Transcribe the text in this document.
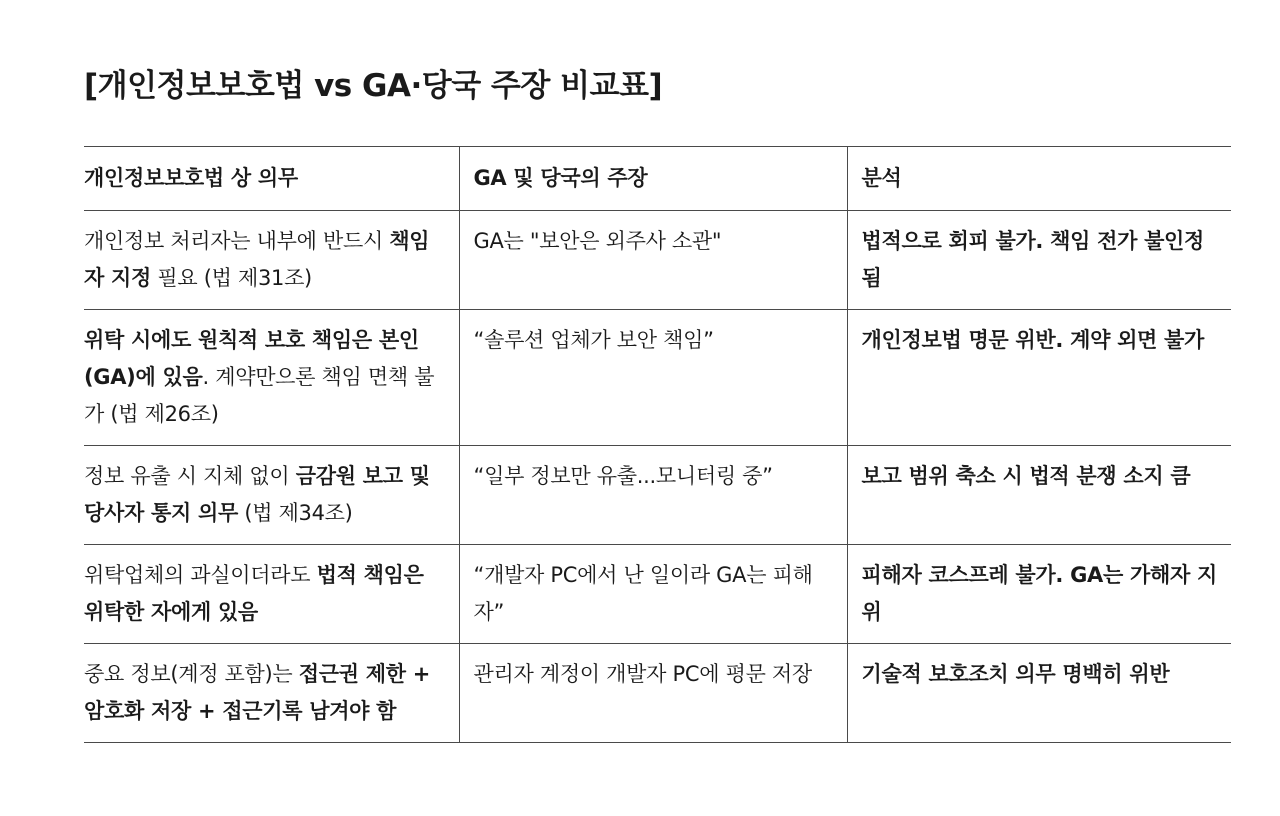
[개인정보보호법 vs GA·당국 주장 비교표]
개인정보보호법 상 의무	GA 및 당국의 주장	분석
개인정보 처리자는 내부에 반드시 책임자 지정 필요 (법 제31조)	GA는 "보안은 외주사 소관"	법적으로 회피 불가. 책임 전가 불인정됨
위탁 시에도 원칙적 보호 책임은 본인(GA)에 있음. 계약만으론 책임 면책 불가 (법 제26조)	“솔루션 업체가 보안 책임”	개인정보법 명문 위반. 계약 외면 불가
정보 유출 시 지체 없이 금감원 보고 및 당사자 통지 의무 (법 제34조)	“일부 정보만 유출...모니터링 중”	보고 범위 축소 시 법적 분쟁 소지 큼
위탁업체의 과실이더라도 법적 책임은 위탁한 자에게 있음	“개발자 PC에서 난 일이라 GA는 피해자”	피해자 코스프레 불가. GA는 가해자 지위
중요 정보(계정 포함)는 접근권 제한 + 암호화 저장 + 접근기록 남겨야 함	관리자 계정이 개발자 PC에 평문 저장	기술적 보호조치 의무 명백히 위반
